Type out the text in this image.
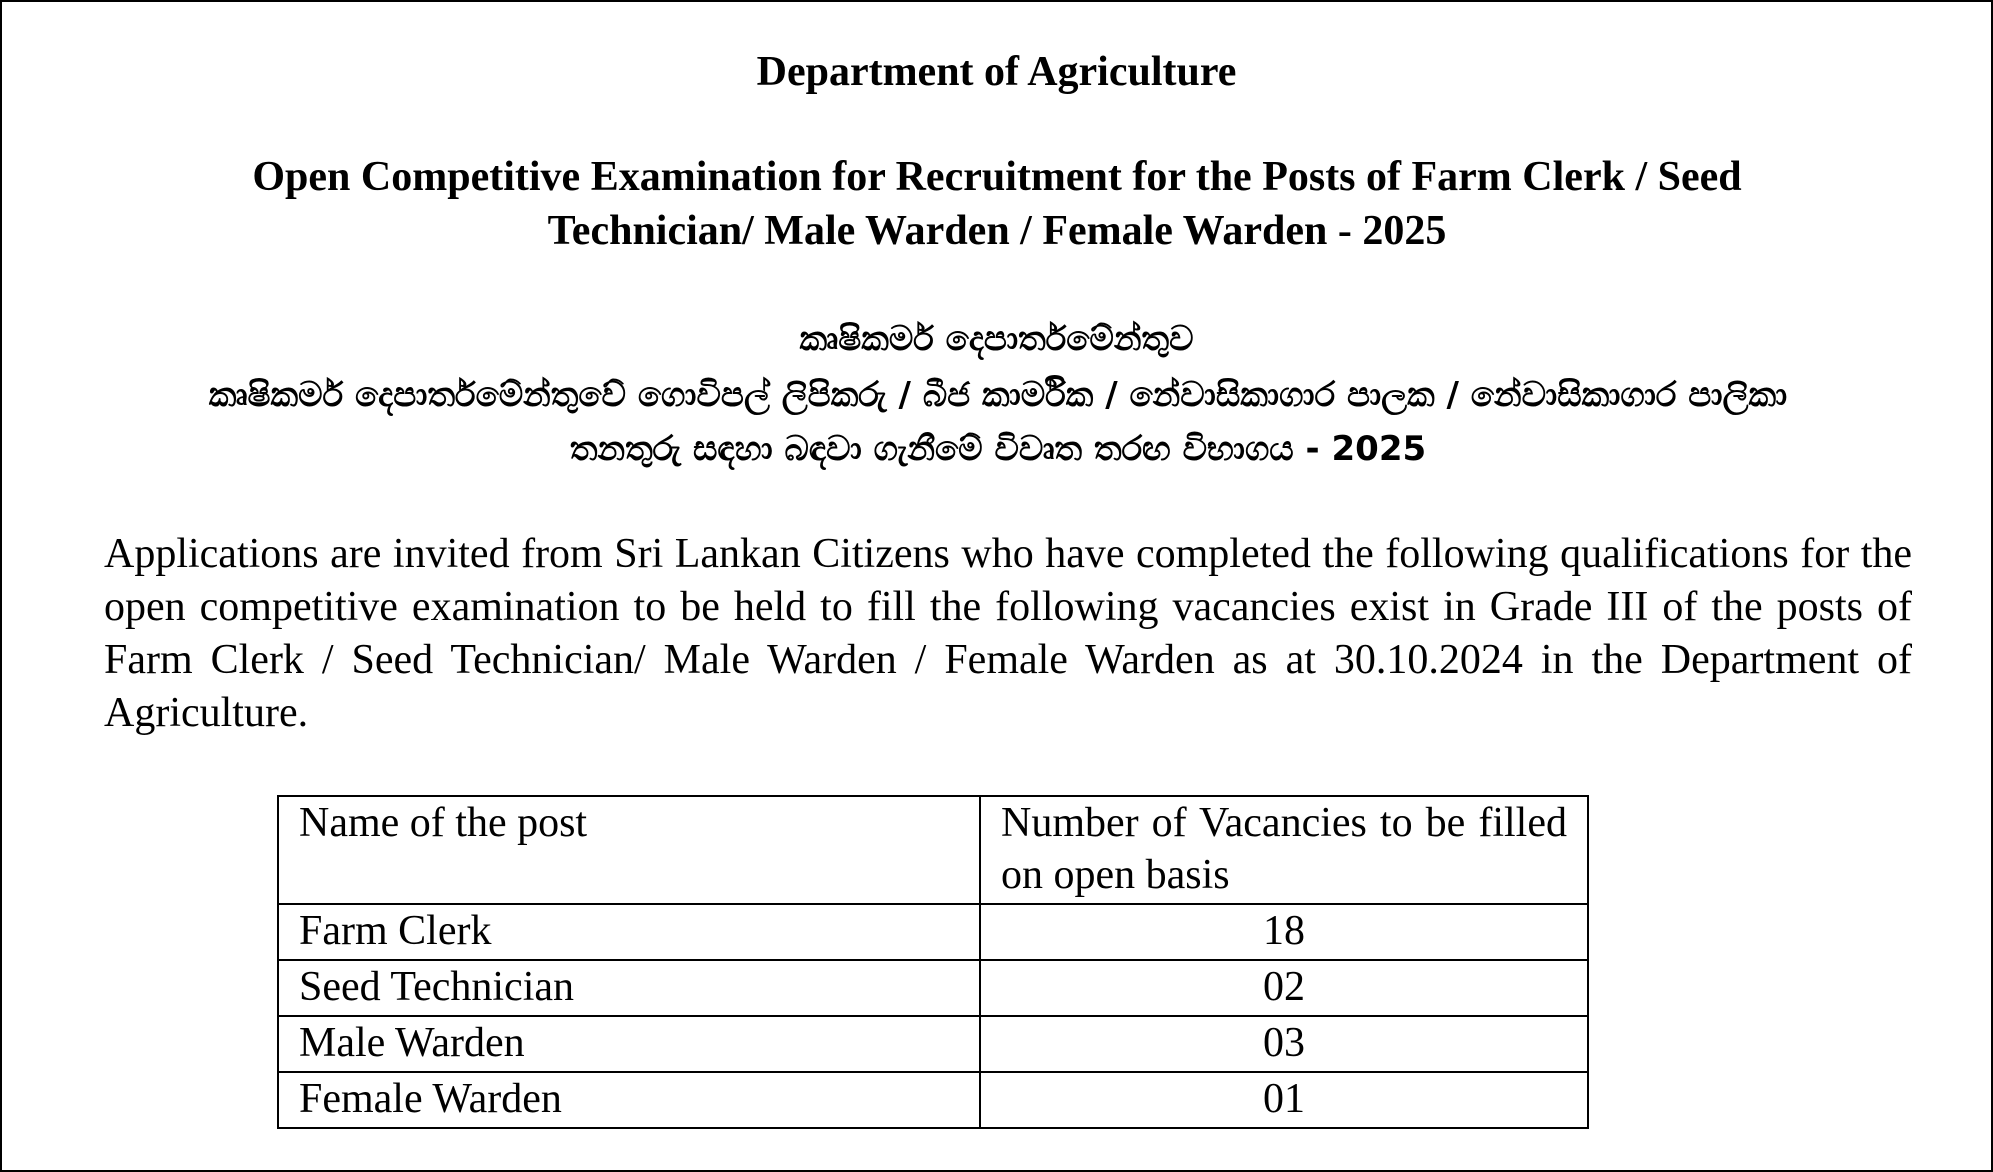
Department of Agriculture
Open Competitive Examination for Recruitment for the Posts of Farm Clerk / Seed Technician/ Male Warden / Female Warden - 2025
කෘෂිකර්ම දෙපාර්තමේන්තුව
කෘෂිකර්ම දෙපාර්තමේන්තුවේ ගොවිපල් ලිපිකරු / බීජ කාර්මික / නේවාසිකාගාර පාලක / නේවාසිකාගාර පාලිකා තනතුරු සඳහා බඳවා ගැනීමේ විවෘත තරඟ විභාගය - 2025

Applications are invited from Sri Lankan Citizens who have completed the following qualifications for the open competitive examination to be held to fill the following vacancies exist in Grade III of the posts of Farm Clerk / Seed Technician/ Male Warden / Female Warden as at 30.10.2024 in the Department of Agriculture.

Name of the post	Number of Vacancies to be filled on open basis
Farm Clerk	18
Seed Technician	02
Male Warden	03
Female Warden	01
